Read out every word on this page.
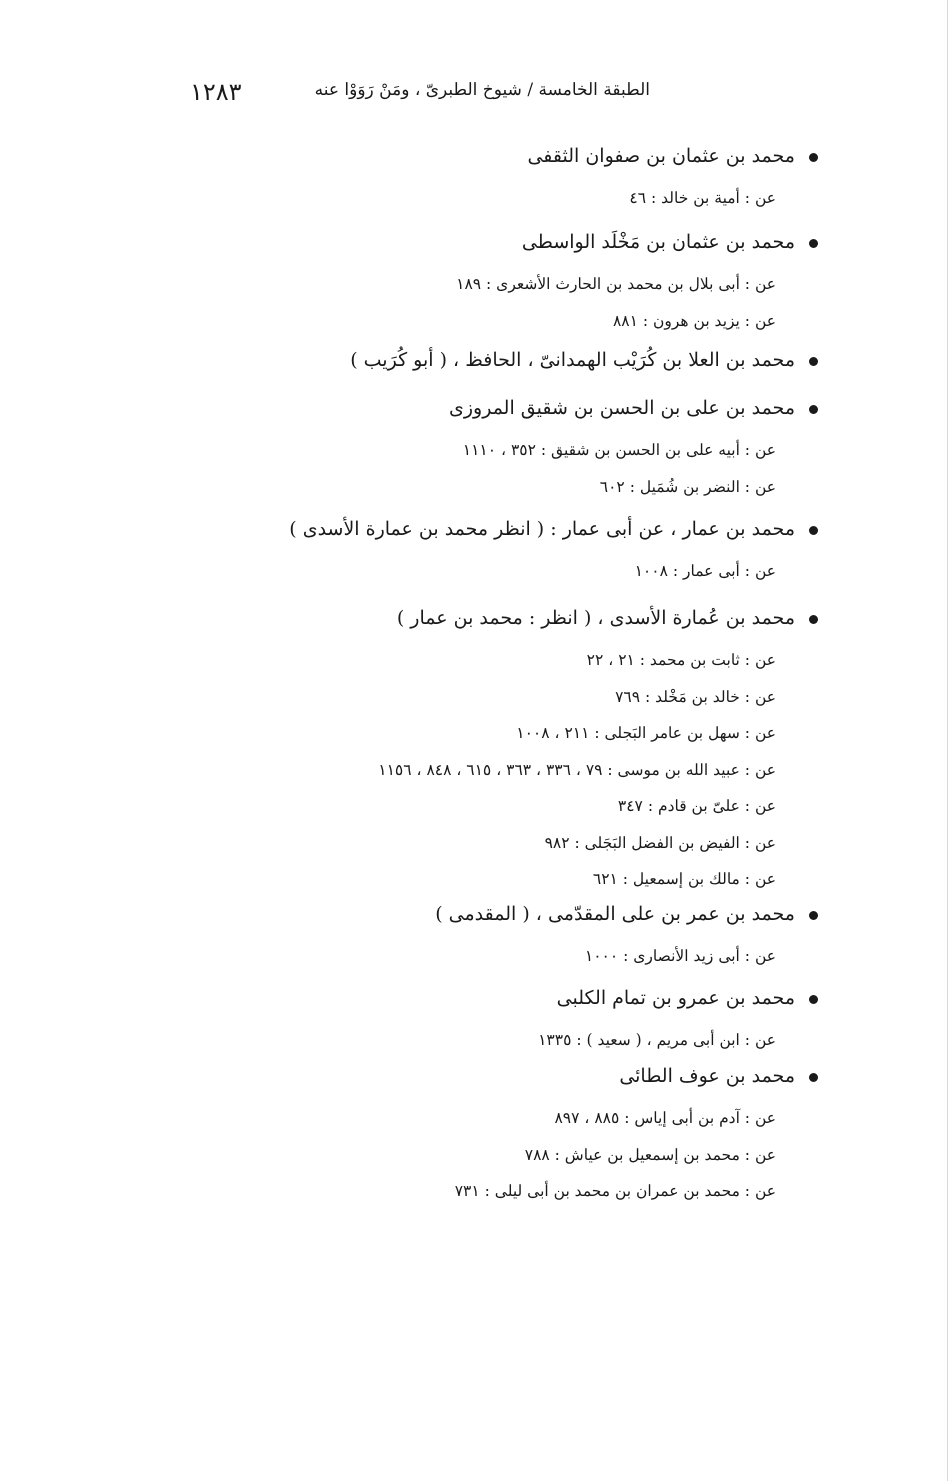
١٢٨٣	الطبقة الخامسة / شيوخ الطبرىّ ، ومَنْ رَوَوْا عنه
محمد بن عثمان بن صفوان الثقفى
عن : أمية بن خالد : ٤٦
محمد بن عثمان بن مَخْلَد الواسطى
عن : أبى بلال بن محمد بن الحارث الأشعرى : ١٨٩
عن : يزيد بن هرون : ٨٨١
محمد بن العلا بن كُرَيْب الهمدانىّ ، الحافظ ، ( أبو كُرَيب )
محمد بن على بن الحسن بن شقيق المروزى
عن : أبيه على بن الحسن بن شقيق : ٣٥٢ ، ١١١٠
عن : النضر بن شُمَيل : ٦٠٢
محمد بن عمار ، عن أبى عمار : ( انظر محمد بن عمارة الأسدى )
عن : أبى عمار : ١٠٠٨
محمد بن عُمارة الأسدى ، ( انظر : محمد بن عمار )
عن : ثابت بن محمد : ٢١ ، ٢٢
عن : خالد بن مَخْلد : ٧٦٩
عن : سهل بن عامر البَجلى : ٢١١ ، ١٠٠٨
عن : عبيد الله بن موسى : ٧٩ ، ٣٣٦ ، ٣٦٣ ، ٦١٥ ، ٨٤٨ ، ١١٥٦
عن : علىّ بن قادم : ٣٤٧
عن : الفيض بن الفضل البَجَلى : ٩٨٢
عن : مالك بن إسمعيل : ٦٢١
محمد بن عمر بن على المقدّمى ، ( المقدمى )
عن : أبى زيد الأنصارى : ١٠٠٠
محمد بن عمرو بن تمام الكلبى
عن : ابن أبى مريم ، ( سعيد ) : ١٣٣٥
محمد بن عوف الطائى
عن : آدم بن أبى إياس : ٨٨٥ ، ٨٩٧
عن : محمد بن إسمعيل بن عياش : ٧٨٨
عن : محمد بن عمران بن محمد بن أبى ليلى : ٧٣١
